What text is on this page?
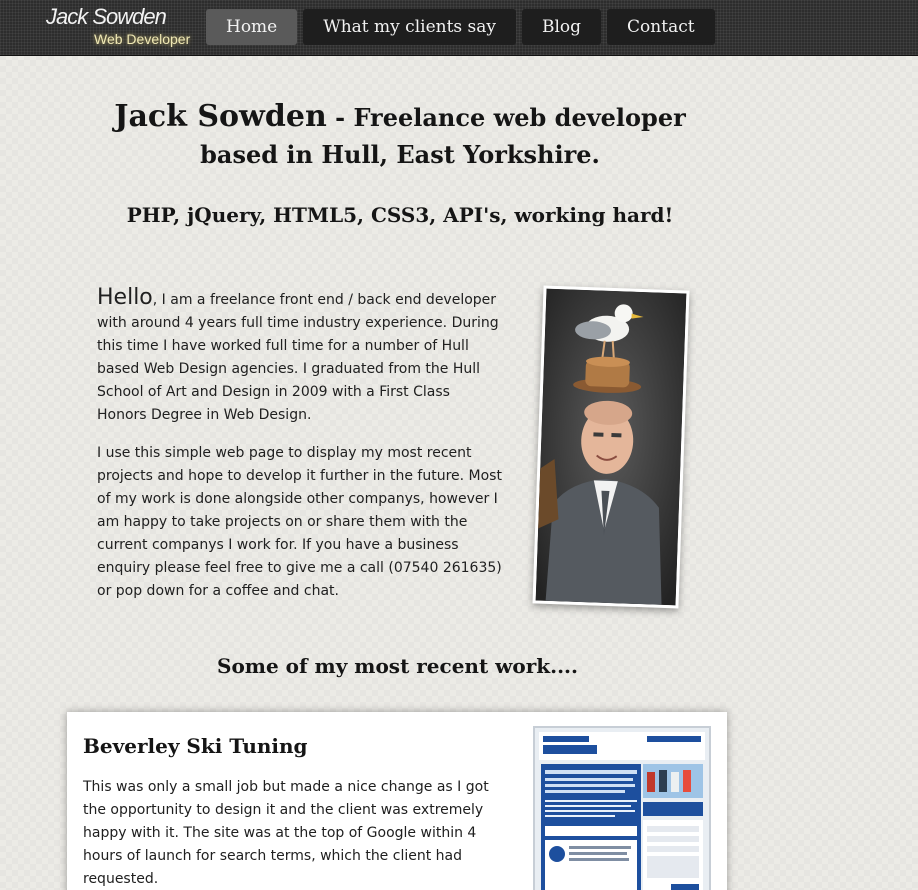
Jack Sowden
Web Developer
Home	What my clients say	Blog	Contact
Jack Sowden - Freelance web developer
based in Hull, East Yorkshire.
PHP, jQuery, HTML5, CSS3, API's, working hard!

Hello, I am a freelance front end / back end developer with around 4 years full time industry experience. During this time I have worked full time for a number of Hull based Web Design agencies. I graduated from the Hull School of Art and Design in 2009 with a First Class Honors Degree in Web Design.

I use this simple web page to display my most recent projects and hope to develop it further in the future. Most of my work is done alongside other companys, however I am happy to take projects on or share them with the current companys I work for. If you have a business enquiry please feel free to give me a call (07540 261635) or pop down for a coffee and chat.

Some of my most recent work....
Beverley Ski Tuning

This was only a small job but made a nice change as I got the opportunity to design it and the client was extremely happy with it. The site was at the top of Google within 4 hours of launch for search terms, which the client had requested.
